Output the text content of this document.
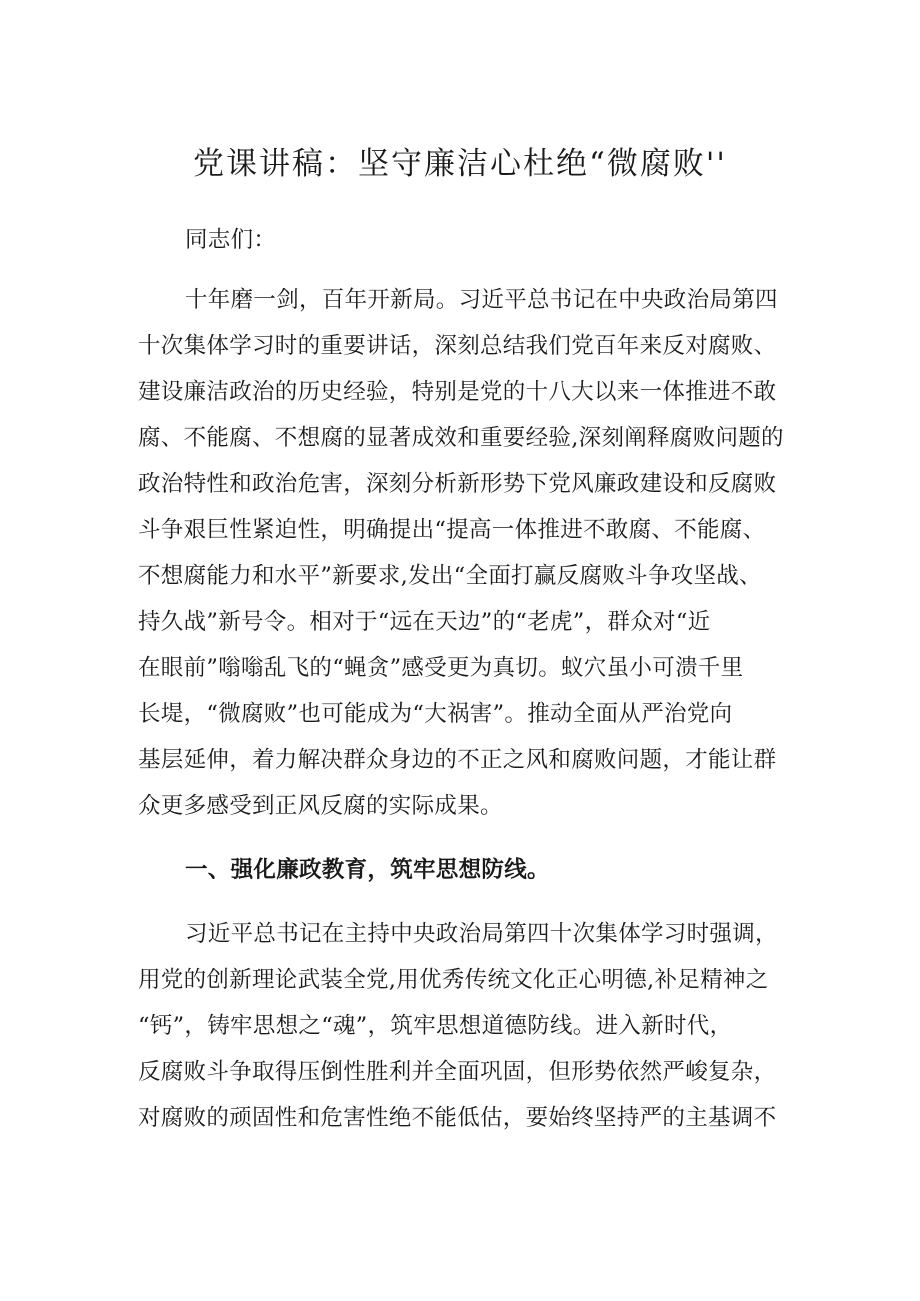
党课讲稿：坚守廉洁心杜绝“微腐败''
同志们：
十年磨一剑，百年开新局。习近平总书记在中央政治局第四
十次集体学习时的重要讲话，深刻总结我们党百年来反对腐败、
建设廉洁政治的历史经验，特别是党的十八大以来一体推进不敢
腐、不能腐、不想腐的显著成效和重要经验,深刻阐释腐败问题的
政治特性和政治危害，深刻分析新形势下党风廉政建设和反腐败
斗争艰巨性紧迫性，明确提出“提高一体推进不敢腐、不能腐、
不想腐能力和水平”新要求,发出“全面打赢反腐败斗争攻坚战、
持久战”新号令。相对于“远在天边”的“老虎”，群众对“近
在眼前”嗡嗡乱飞的“蝇贪”感受更为真切。蚁穴虽小可溃千里
长堤，“微腐败”也可能成为“大祸害”。推动全面从严治党向
基层延伸，着力解决群众身边的不正之风和腐败问题，才能让群
众更多感受到正风反腐的实际成果。
一、强化廉政教育，筑牢思想防线。
习近平总书记在主持中央政治局第四十次集体学习时强调，
用党的创新理论武装全党,用优秀传统文化正心明德,补足精神之
“钙”，铸牢思想之“魂”，筑牢思想道德防线。进入新时代，
反腐败斗争取得压倒性胜利并全面巩固，但形势依然严峻复杂，
对腐败的顽固性和危害性绝不能低估，要始终坚持严的主基调不
